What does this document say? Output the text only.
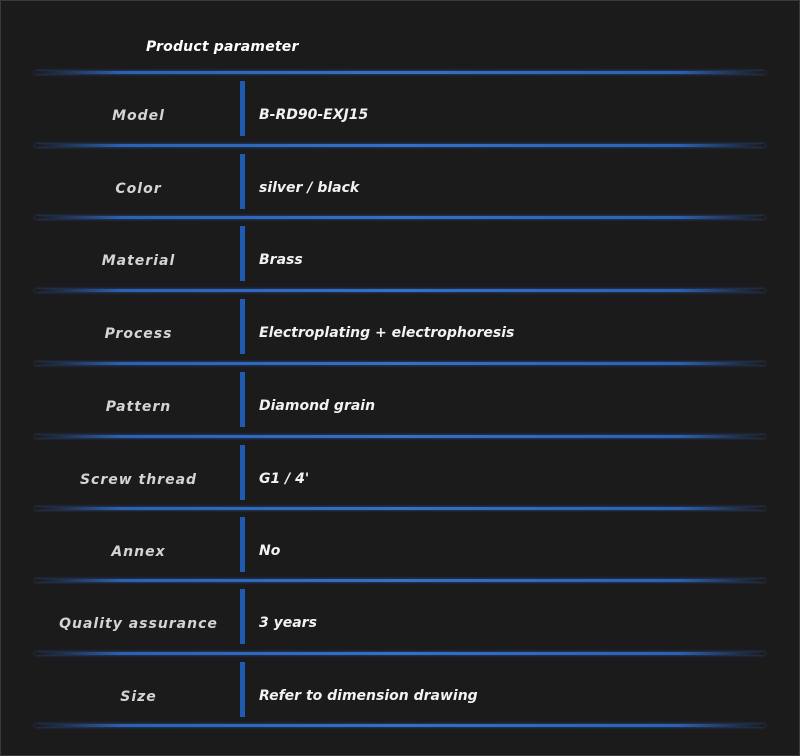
Product parameter
Model	B-RD90-EXJ15
Color	silver / black
Material	Brass
Process	Electroplating + electrophoresis
Pattern	Diamond grain
Screw thread	G1 / 4'
Annex	No
Quality assurance	3 years
Size	Refer to dimension drawing
